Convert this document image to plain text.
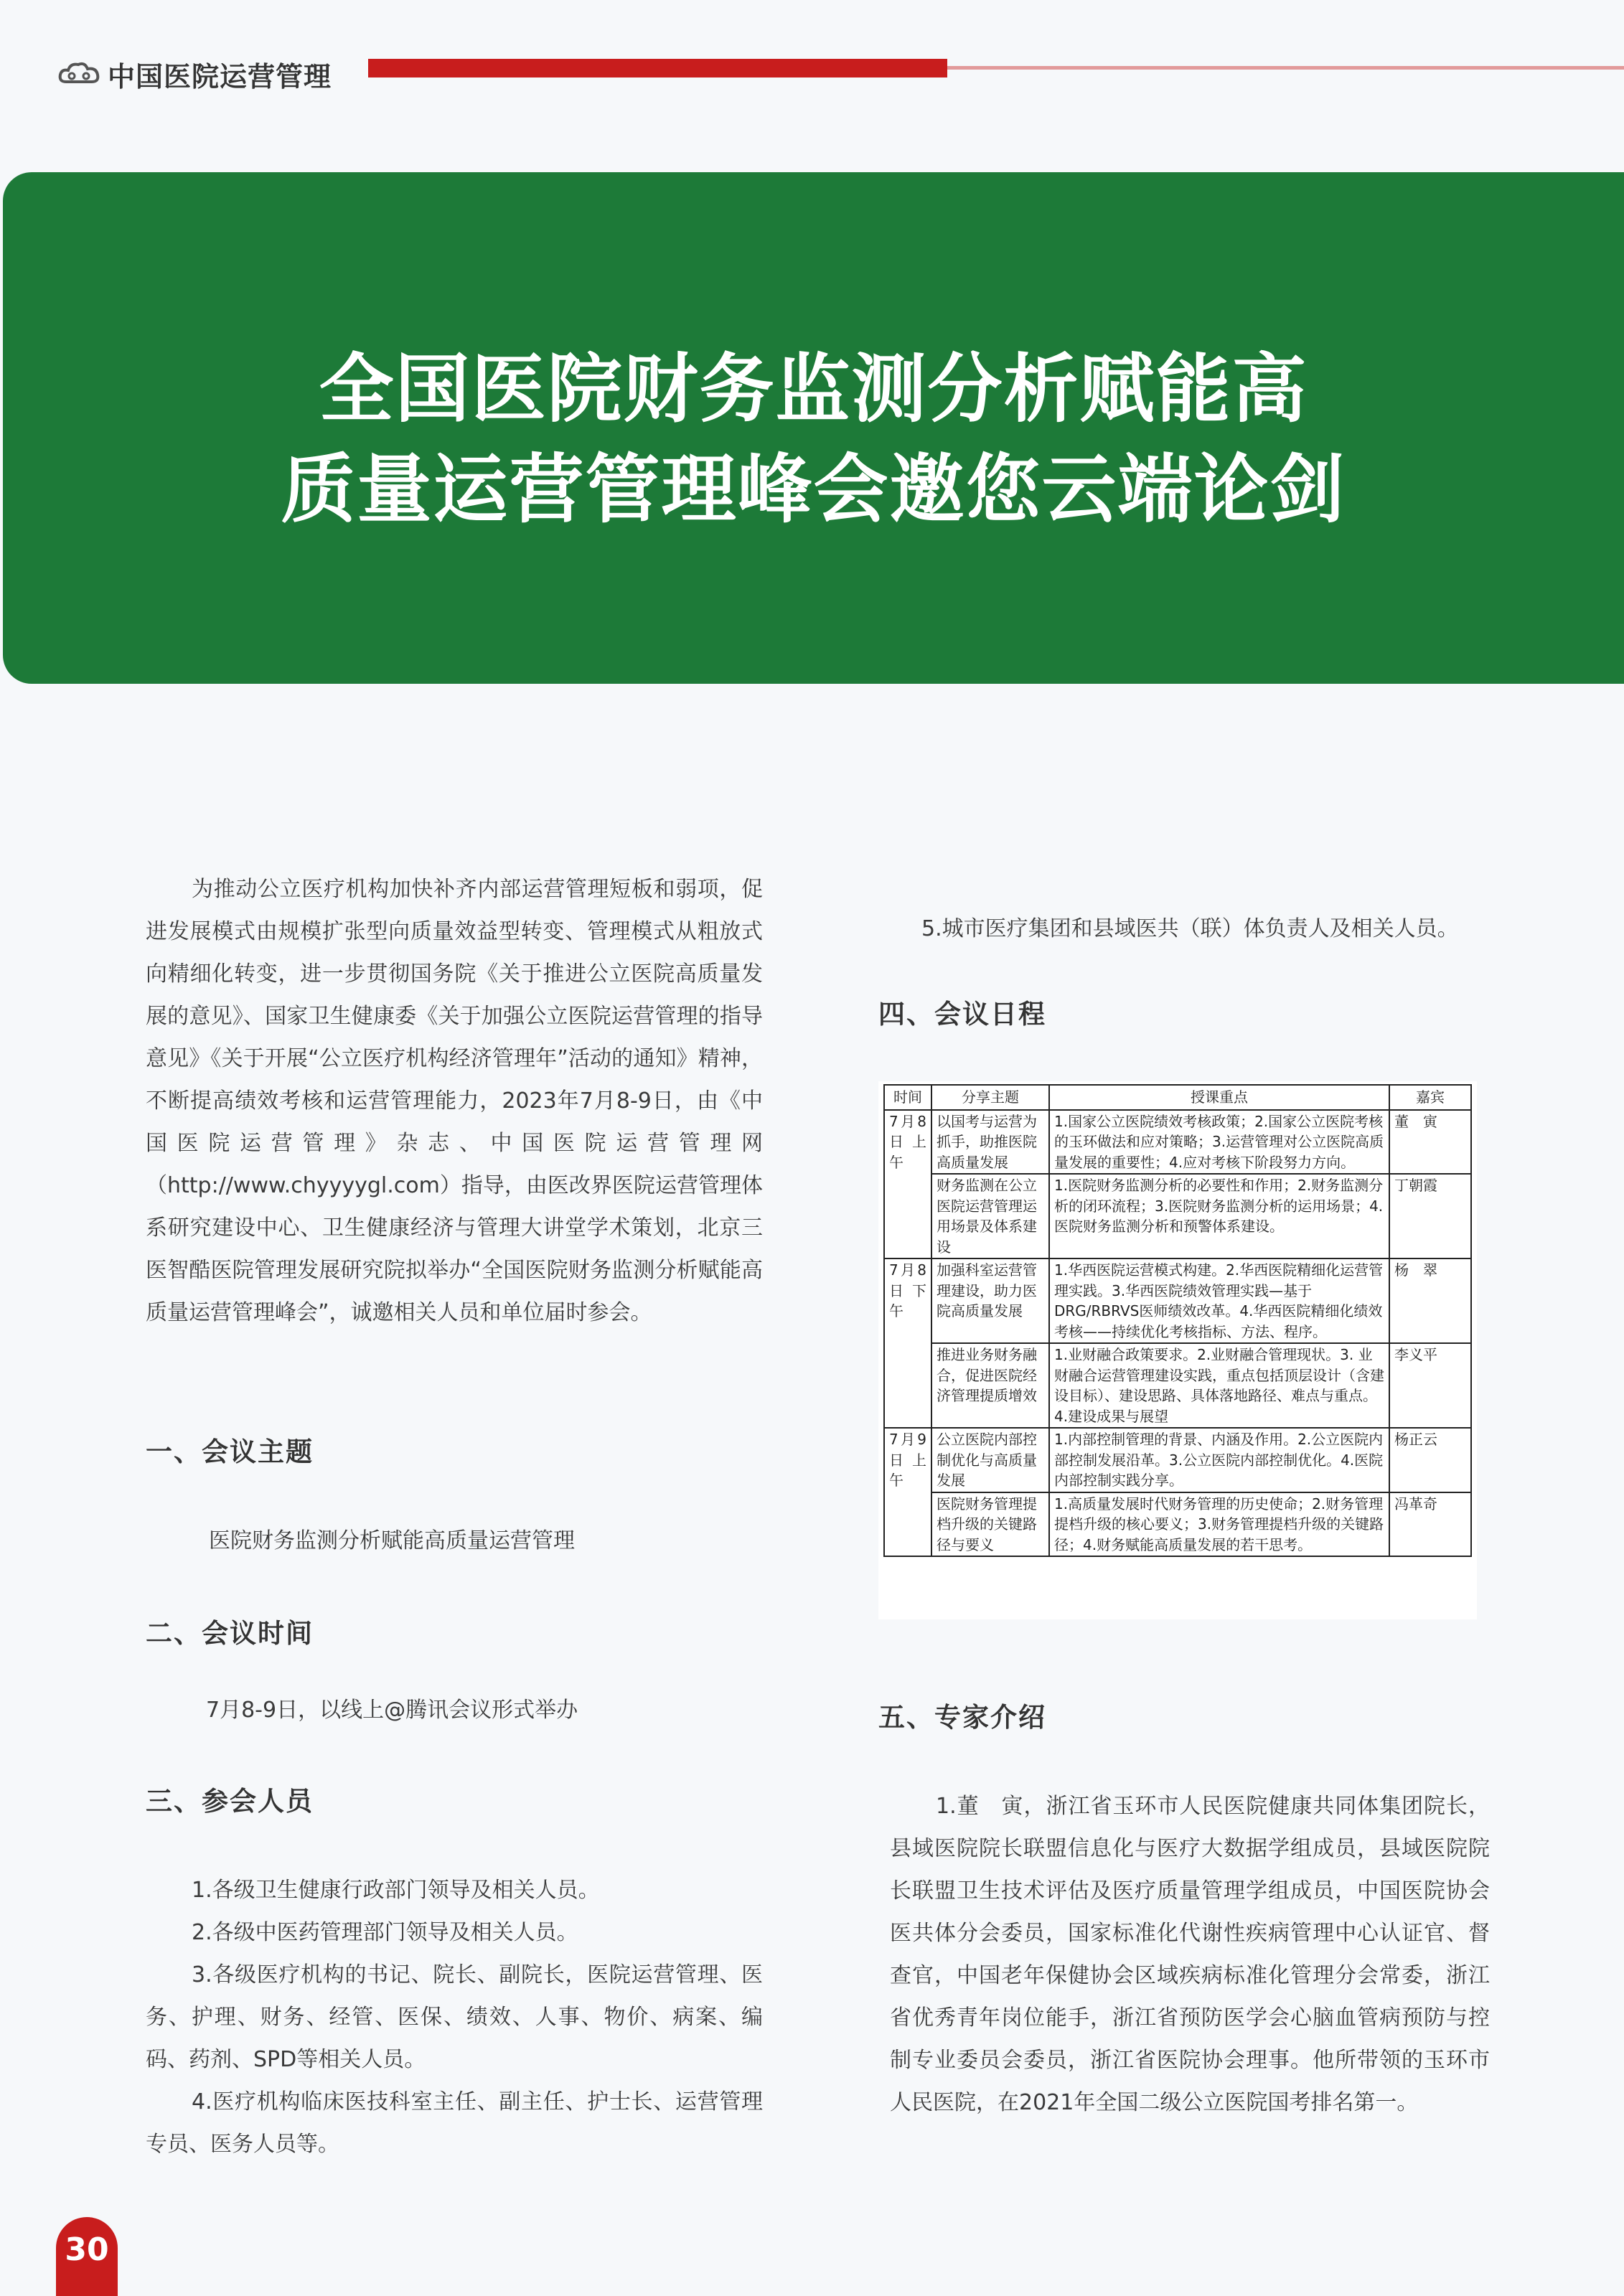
中国医院运营管理
全国医院财务监测分析赋能高
质量运营管理峰会邀您云端论剑

为推动公立医疗机构加快补齐内部运营管理短板和弱项，促进发展模式由规模扩张型向质量效益型转变、管理模式从粗放式向精细化转变，进一步贯彻国务院《关于推进公立医院高质量发展的意见》、国家卫生健康委《关于加强公立医院运营管理的指导意见》《关于开展“公立医疗机构经济管理年”活动的通知》精神，不断提高绩效考核和运营管理能力，2023年7月8-9日，由《中国医院运营管理》杂志、中国医院运营管理网（http://www.chyyyygl.com）指导，由医改界医院运营管理体系研究建设中心、卫生健康经济与管理大讲堂学术策划，北京三医智酷医院管理发展研究院拟举办“全国医院财务监测分析赋能高质量运营管理峰会”，诚邀相关人员和单位届时参会。

一、会议主题

医院财务监测分析赋能高质量运营管理

二、会议时间

7月8-9日，以线上@腾讯会议形式举办

三、参会人员

1.各级卫生健康行政部门领导及相关人员。

2.各级中医药管理部门领导及相关人员。

3.各级医疗机构的书记、院长、副院长，医院运营管理、医务、护理、财务、经管、医保、绩效、人事、物价、病案、编码、药剂、SPD等相关人员。

4.医疗机构临床医技科室主任、副主任、护士长、运营管理专员、医务人员等。

5.城市医疗集团和县域医共（联）体负责人及相关人员。

四、会议日程
时间	分享主题	授课重点	嘉宾
7月8日上午	以国考与运营为抓手，助推医院高质量发展	1.国家公立医院绩效考核政策；2.国家公立医院考核的玉环做法和应对策略；3.运营管理对公立医院高质量发展的重要性；4.应对考核下阶段努力方向。	董　寅
	财务监测在公立医院运营管理运用场景及体系建设	1.医院财务监测分析的必要性和作用；2.财务监测分析的闭环流程；3.医院财务监测分析的运用场景；4.医院财务监测分析和预警体系建设。	丁朝霞
7月8日下午	加强科室运营管理建设，助力医院高质量发展	1.华西医院运营模式构建。2.华西医院精细化运营管理实践。3.华西医院绩效管理实践—基于DRG/RBRVS医师绩效改革。4.华西医院精细化绩效考核——持续优化考核指标、方法、程序。	杨　翠
	推进业务财务融合，促进医院经济管理提质增效	1.业财融合政策要求。2.业财融合管理现状。3. 业财融合运营管理建设实践，重点包括顶层设计（含建设目标）、建设思路、具体落地路径、难点与重点。4.建设成果与展望	李义平
7月9日上午	公立医院内部控制优化与高质量发展	1.内部控制管理的背景、内涵及作用。2.公立医院内部控制发展沿革。3.公立医院内部控制优化。4.医院内部控制实践分享。	杨正云
	医院财务管理提档升级的关键路径与要义	1.高质量发展时代财务管理的历史使命；2.财务管理提档升级的核心要义；3.财务管理提档升级的关键路径；4.财务赋能高质量发展的若干思考。	冯革奇
五、专家介绍

1.董　寅，浙江省玉环市人民医院健康共同体集团院长，县域医院院长联盟信息化与医疗大数据学组成员，县域医院院长联盟卫生技术评估及医疗质量管理学组成员，中国医院协会医共体分会委员，国家标准化代谢性疾病管理中心认证官、督查官，中国老年保健协会区域疾病标准化管理分会常委，浙江省优秀青年岗位能手，浙江省预防医学会心脑血管病预防与控制专业委员会委员，浙江省医院协会理事。他所带领的玉环市人民医院，在2021年全国二级公立医院国考排名第一。

30
